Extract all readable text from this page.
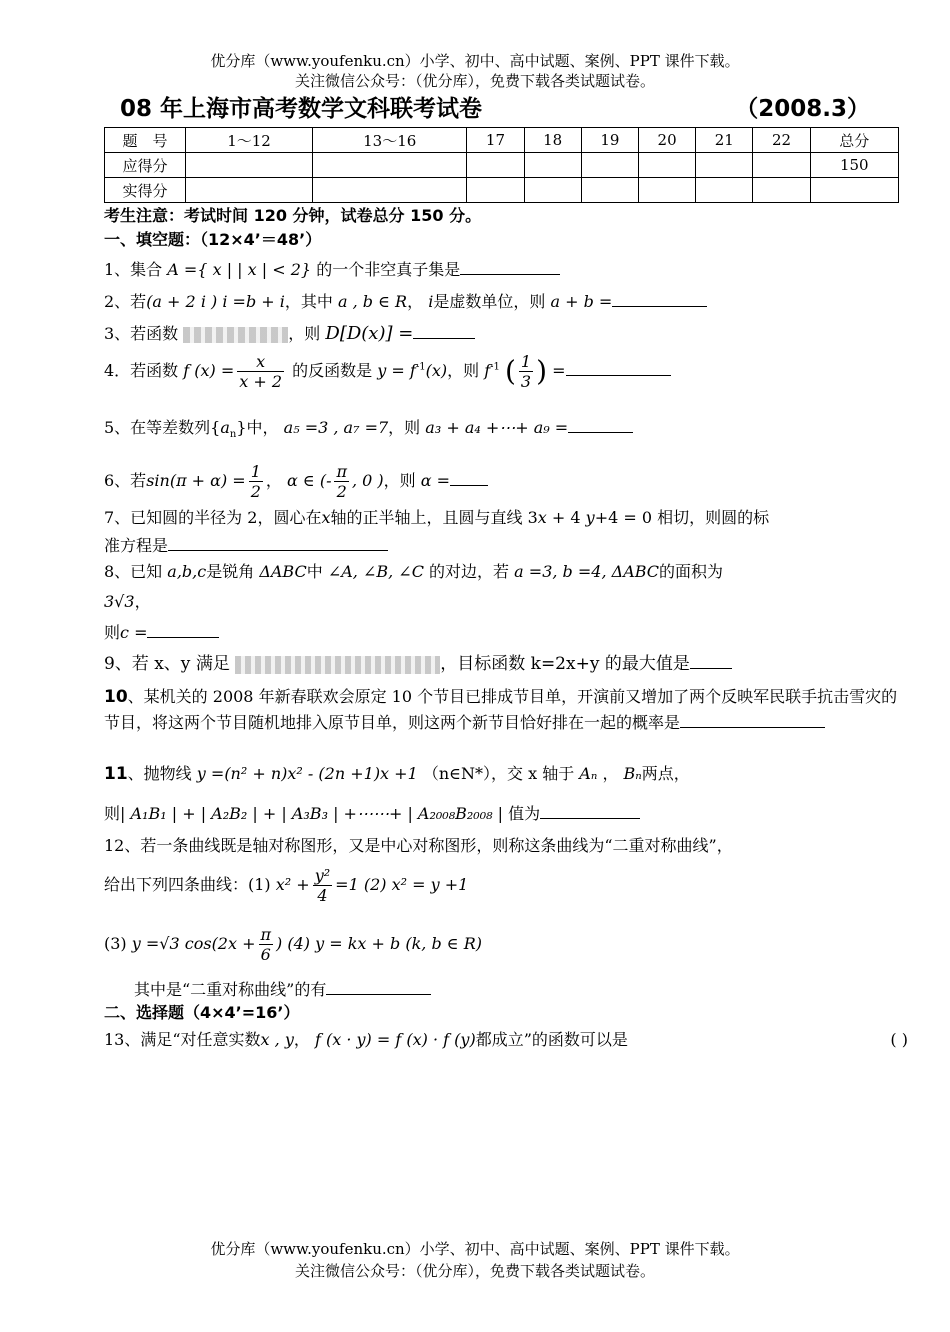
优分库（www.youfenku.cn）小学、初中、高中试题、案例、PPT 课件下载。
关注微信公众号：（优分库），免费下载各类试题试卷。
08 年上海市高考数学文科联考试卷	（2008.3）
题　号	1～12	13～16	17	18	19	20	21	22	总分
应得分									150
实得分									
考生注意：考试时间 120 分钟，试卷总分 150 分。
一、填空题：（12×4’＝48’）
1、集合 A ={ x | | x | < 2} 的一个非空真子集是
2、若(a + 2 i ) i =b + i，其中 a , b ∈ R， i是虚数单位，则 a + b =
3、若函数	，则 D[D(x)] =
4．若函数 f $(x) = \frac{x}{x + 2}$ 的反函数是 $y = f^{-1}(x)$，则 $f^{-1}$ ( $\frac{1}{3}$ ) =
5、在等差数列$\{a_n\}$中， a₅ =3 , a₇ =7，则 a₃ + a₄ +⋯+ a₉ =
6、若$\sin(\pi + \alpha) = \frac{1}{2}$ ， α ∈ (- $\frac{\pi}{2}$ , 0 )，则 α =
7、已知圆的半径为 2，圆心在x轴的正半轴上，且圆与直线 3x + 4 y+4 = 0 相切，则圆的标
准方程是
8、已知 a,b,c是锐角 ΔABC中 ∠A, ∠B, ∠C 的对边，若 a =3, b =4, ΔABC的面积为
3√3，
则c =
9、若 x、y 满足	，目标函数 k=2x+y 的最大值是
10、某机关的 2008 年新春联欢会原定 10 个节目已排成节目单，开演前又增加了两个反映军民联手抗击雪灾的节目，将这两个节目随机地排入原节目单，则这两个新节目恰好排在一起的概率是
11、抛物线 y =(n² + n)x² - (2n +1)x +1 （n∈N*），交 x 轴于 Aₙ ， Bₙ两点，
则| A₁B₁ | + | A₂B₂ | + | A₃B₃ | +⋯⋯+ | A₂₀₀₈B₂₀₀₈ | 值为
12、若一条曲线既是轴对称图形，又是中心对称图形，则称这条曲线为“二重对称曲线”，
给出下列四条曲线：(1) $x^2 + \frac{\text{y²}}{4} =1$ (2) x² = y +1
(3) y =√3 $\cos(2x + \frac{\pi}{6}$ ) (4) y = kx + b (k, b ∈ R)
其中是“二重对称曲线”的有
二、选择题（4×4’=16’）
13、满足“对任意实数x , y， f (x · y) = f (x) · f (y)都成立”的函数可以是	( )
优分库（www.youfenku.cn）小学、初中、高中试题、案例、PPT 课件下载。
关注微信公众号：（优分库），免费下载各类试题试卷。
